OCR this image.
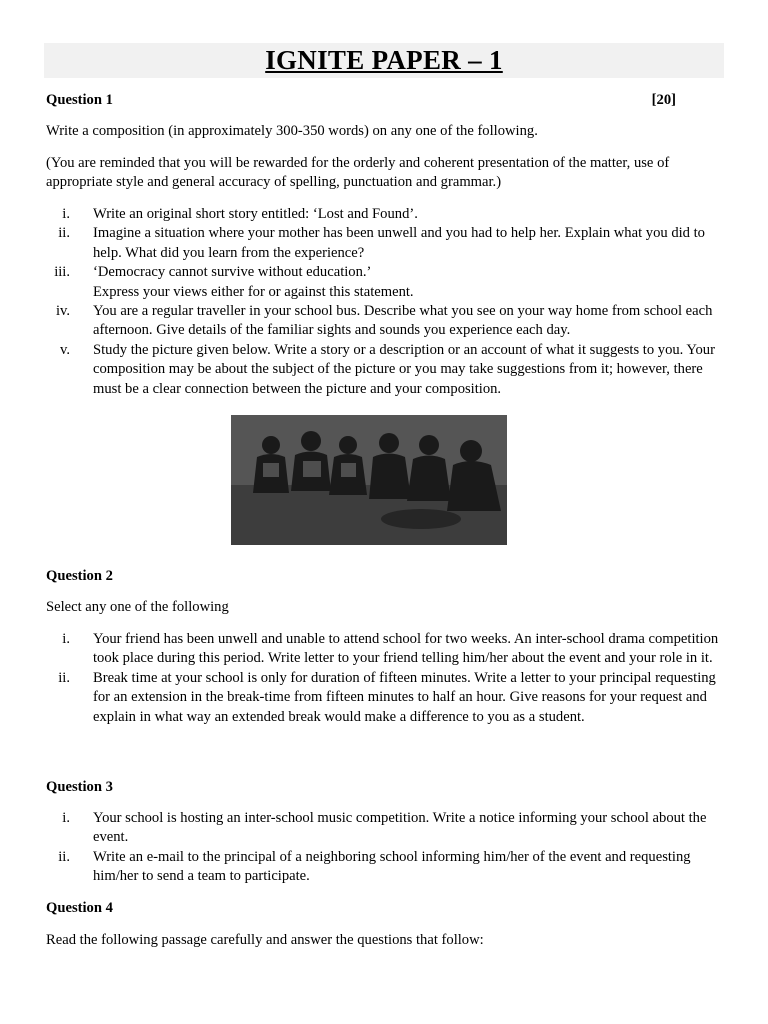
IGNITE PAPER – 1
Question 1	[20]
Write a composition (in approximately 300-350 words) on any one of the following.
(You are reminded that you will be rewarded for the orderly and coherent presentation of the matter, use of appropriate style and general accuracy of spelling, punctuation and grammar.)
i. Write an original short story entitled: ‘Lost and Found’.
ii. Imagine a situation where your mother has been unwell and you had to help her. Explain what you did to help. What did you learn from the experience?
iii. ‘Democracy cannot survive without education.’
Express your views either for or against this statement.
iv. You are a regular traveller in your school bus. Describe what you see on your way home from school each afternoon. Give details of the familiar sights and sounds you experience each day.
v. Study the picture given below. Write a story or a description or an account of what it suggests to you. Your composition may be about the subject of the picture or you may take suggestions from it; however, there must be a clear connection between the picture and your composition.
Question 2
Select any one of the following
i. Your friend has been unwell and unable to attend school for two weeks. An inter-school drama competition took place during this period. Write letter to your friend telling him/her about the event and your role in it.
ii. Break time at your school is only for duration of fifteen minutes. Write a letter to your principal requesting for an extension in the break-time from fifteen minutes to half an hour. Give reasons for your request and explain in what way an extended break would make a difference to you as a student.
Question 3
i. Your school is hosting an inter-school music competition. Write a notice informing your school about the event.
ii. Write an e-mail to the principal of a neighboring school informing him/her of the event and requesting him/her to send a team to participate.
Question 4
Read the following passage carefully and answer the questions that follow:
